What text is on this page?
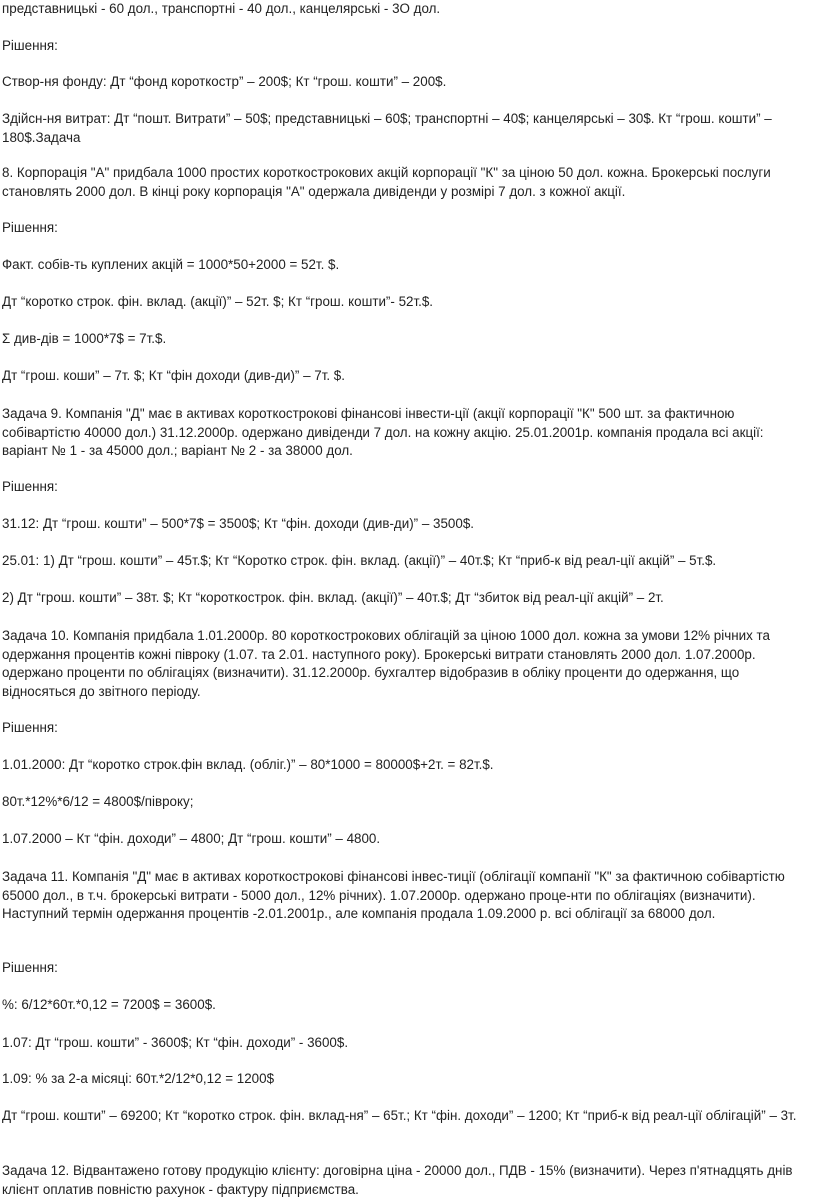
представницькі - 60 дол., транспортні - 40 дол., канцелярські - 3О дол.

Рішення:

Створ-ня фонду: Дт “фонд короткостр” – 200$; Кт “грош. кошти” – 200$.

Здійсн-ня витрат: Дт “пошт. Витрати” – 50$; представницькі – 60$; транспортні – 40$; канцелярські – 30$. Кт “грош. кошти” – 180$.Задача

8. Корпорація "А" придбала 1000 простих короткострокових акцій корпорації "К" за ціною 50 дол. кожна. Брокерські послуги становлять 2000 дол. В кінці року корпорація "А" одержала дивіденди у розмірі 7 дол. з кожної акції.

Рішення:

Факт. собів-ть куплених акцій = 1000*50+2000 = 52т. $.

Дт “коротко строк. фін. вклад. (акції)” – 52т. $; Кт “грош. кошти”- 52т.$.

Σ див-дів = 1000*7$ = 7т.$.

Дт “грош. коши” – 7т. $; Кт “фін доходи (див-ди)” – 7т. $.

Задача 9. Компанія "Д" має в активах короткострокові фінансові інвести-ції (акції корпорації "К" 500 шт. за фактичною собівартістю 40000 дол.) 31.12.2000р. одержано дивіденди 7 дол. на кожну акцію. 25.01.2001р. компанія продала всі акції: варіант № 1 - за 45000 дол.; варіант № 2 - за 38000 дол.

Рішення:

31.12: Дт “грош. кошти” – 500*7$ = 3500$; Кт “фін. доходи (див-ди)” – 3500$.

25.01: 1) Дт “грош. кошти” – 45т.$; Кт “Коротко строк. фін. вклад. (акції)” – 40т.$; Кт “приб-к від реал-ції акцій” – 5т.$.

2) Дт “грош. кошти” – 38т. $; Кт “короткострок. фін. вклад. (акції)” – 40т.$; Дт “збиток від реал-ції акцій” – 2т.

Задача 10. Компанія придбала 1.01.2000р. 80 короткострокових облігацій за ціною 1000 дол. кожна за умови 12% річних та одержання процентів кожні півроку (1.07. та 2.01. наступного року). Брокерські витрати становлять 2000 дол. 1.07.2000р. одержано проценти по облігаціях (визначити). 31.12.2000р. бухгалтер відобразив в обліку проценти до одержання, що відносяться до звітного періоду.

Рішення:

1.01.2000: Дт “коротко строк.фін вклад. (облiг.)” – 80*1000 = 80000$+2т. = 82т.$.

80т.*12%*6/12 = 4800$/півроку;

1.07.2000 – Кт “фін. доходи” – 4800; Дт “грош. кошти” – 4800.

Задача 11. Компанія "Д" має в активах короткострокові фінансові інвес-тиції (облігації компанії "К" за фактичною собівартістю 65000 дол., в т.ч. брокерські витрати - 5000 дол., 12% річних). 1.07.2000р. одержано проце-нти по облігаціях (визначити). Наступний термін одержання процентів -2.01.2001р., але компанія продала 1.09.2000 р. всі облігації за 68000 дол.

Рішення:

%: 6/12*60т.*0,12 = 7200$ = 3600$.

1.07: Дт “грош. кошти” - 3600$; Кт “фін. доходи” - 3600$.

1.09: % за 2-а місяці: 60т.*2/12*0,12 = 1200$

Дт “грош. кошти” – 69200; Кт “коротко строк. фін. вклад-ня” – 65т.; Кт “фін. доходи” – 1200; Кт “приб-к від реал-ції облігацій” – 3т.

Задача 12. Відвантажено готову продукцію клієнту: договірна ціна - 20000 дол., ПДВ - 15% (визначити). Через п'ятнадцять днів клієнт оплатив повністю рахунок - фактуру підприємства.
